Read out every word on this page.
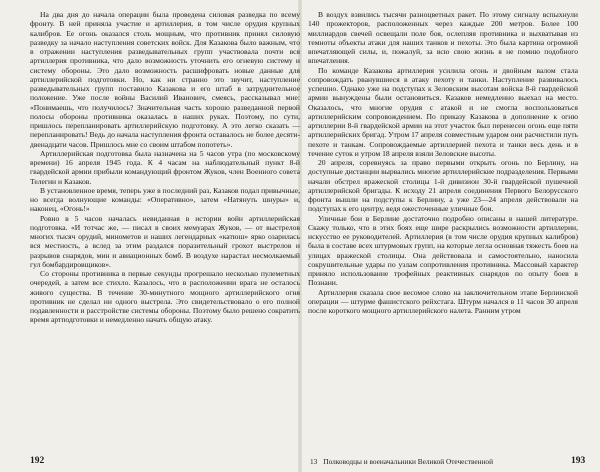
На два дня до начала операции была проведена силовая разведка по всему фронту. В ней приняла участие и артиллерия, в том числе орудия крупных калибров. Ее огонь оказался столь мощным, что противник принял силовую разведку за начало наступления советских войск. Для Казакова было важным, что в отражении наступления разведывательных групп участвовала почти вся артиллерия противника, что дало возможность уточнить его огневую систему и систему обороны. Это дало возможность расшифровать новые данные для артиллерийской подготовки. Но, как ни странно это звучит, наступление разведывательных групп поставило Казакова и его штаб в затруднительное положение. Уже после войны Василий Иванович, смеясь, рассказывал мне: «Понимаешь, что получилось? Значительная часть хорошо разведанной первой полосы обороны противника оказалась в наших руках. Поэтому, по сути, пришлось перепланировать артиллерийскую подготовку. А это легко сказать — перепланировать! Ведь до начала наступления фронта оставалось не более десяти-двенадцати часов. Пришлось мне со своим штабом попотеть».

Артиллерийская подготовка была назначена на 5 часов утра (по московскому времени) 16 апреля 1945 года. К 4 часам на наблюдательный пункт 8-й гвардейской армии прибыли командующий фронтом Жуков, член Военного совета Телегин и Казаков.

В установленное время, теперь уже в последний раз, Казаков подал привычные, но всегда волнующие команды: «Оперативно», затем «Натянуть шнуры» и, наконец, «Огонь!»

Ровно в 5 часов началась невиданная в истории войн артиллерийская подготовка. «И тотчас же, — писал в своих мемуарах Жуков, — от выстрелов многих тысяч орудий, минометов и наших легендарных «катюш» ярко озарилась вся местность, а вслед за этим раздался поразительный грохот выстрелов и разрывов снарядов, мин и авиационных бомб. В воздухе нарастал несмолкаемый гул бомбардировщиков».

Со стороны противника в первые секунды прогрешало несколько пулеметных очередей, а затем все стихло. Казалось, что в расположении врага не осталось живого существа. В течение 30-минутного мощного артиллерийского огня противник не сделал ни одного выстрела. Это свидетельствовало о его полной подавленности и расстройстве системы обороны. Поэтому было решено сократить время артподготовки и немедленно начать общую атаку.

В воздух взвились тысячи разноцветных ракет. По этому сигналу вспыхнули 140 прожекторов, расположенных через каждые 200 метров. Более 100 миллиардов свечей освещали поле боя, ослепляя противника и выхватывая из темноты объекты атаки для наших танков и пехоты. Это была картина огромной впечатляющей силы, и, пожалуй, за всю свою жизнь я не помню подобного впечатления.

По команде Казакова артиллерия усилила огонь и двойным валом стала сопровождать рванувшиеся в атаку пехоту и танки. Наступление развивалось успешно. Однако уже на подступах к Зеловским высотам войска 8-й гвардейской армии вынуждены были остановиться. Казаков немедленно выехал на место. Оказалось, что многие орудия с атакой и не смогла воспользоваться артиллерийским сопровождением. По приказу Казакова в дополнение к огню артиллерии 8-й гвардейской армии на этот участок был перенесен огонь еще пяти артиллерийских бригад. Утром 17 апреля совместным ударом они расчистили путь пехоте и танкам. Сопровождаемые артиллерией пехота и танки весь день и в течение суток и утром 18 апреля взяли Зеловские высоты.

20 апреля, соревнуясь за право первыми открыть огонь по Берлину, на доступные дистанции вырвались многие артиллерийские подразделения. Первыми начали обстрел вражеской столицы 1-й дивизион 30-й гвардейской пушечной артиллерийской бригады. К исходу 21 апреля соединения Первого Белорусского фронта вышли на подступы к Берлину, а уже 23—24 апреля действовали на подступах к его центру, ведя ожесточенные уличные бои.

Уличные бои в Берлине достаточно подробно описаны в нашей литературе. Скажу только, что в этих боях еще шире раскрылись возможности артиллерии, искусство ее руководителей. Артиллерия (в том числе орудия крупных калибров) была в составе всех штурмовых групп, на которые легла основная тяжесть боев на улицах вражеской столицы. Она действовала и самостоятельно, наносила сокрушительные удары по узлам сопротивления противника. Массовый характер приняло использование трофейных реактивных снарядов по опыту боев в Познани.

Артиллерия сказала свое весомое слово на заключительном этапе Берлинской операции — штурме фашистского рейхстага. Штурм начался в 11 часов 30 апреля после короткого мощного артиллерийского налета. Ранним утром

192	13 Полководцы и военачальники Великой Отечественной	193
